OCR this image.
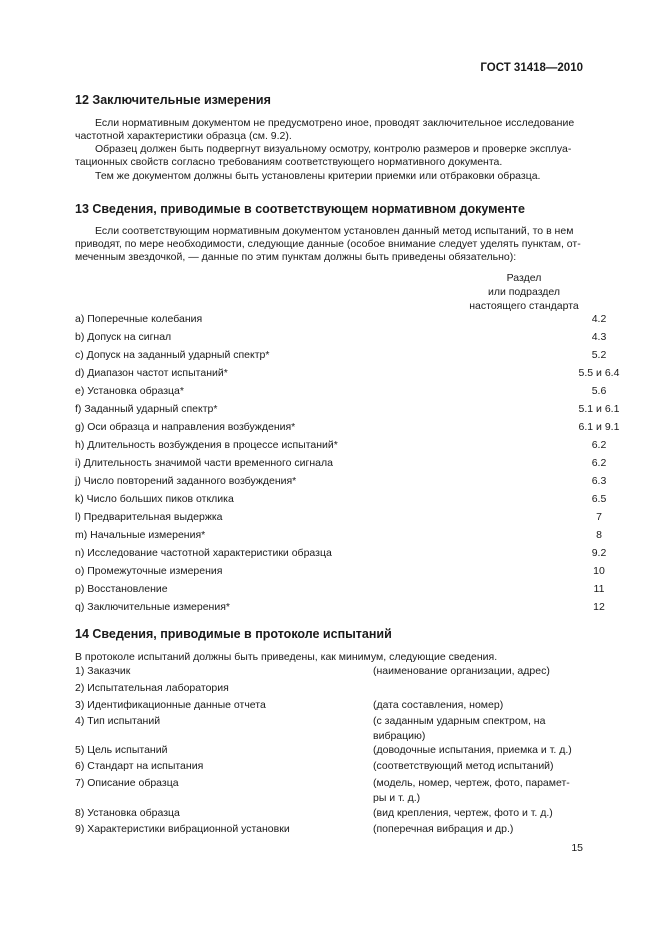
ГОСТ 31418—2010
12 Заключительные измерения
Если нормативным документом не предусмотрено иное, проводят заключительное исследование
частотной характеристики образца (см. 9.2).
Образец должен быть подвергнут визуальному осмотру, контролю размеров и проверке эксплуа-
тационных свойств согласно требованиям соответствующего нормативного документа.
Тем же документом должны быть установлены критерии приемки или отбраковки образца.
13 Сведения, приводимые в соответствующем нормативном документе
Если соответствующим нормативным документом установлен данный метод испытаний, то в нем
приводят, по мере необходимости, следующие данные (особое внимание следует уделять пунктам, от-
меченным звездочкой, — данные по этим пунктам должны быть приведены обязательно):
Раздел
или подраздел
настоящего стандарта
a) Поперечные колебания	4.2
b) Допуск на сигнал	4.3
c) Допуск на заданный ударный спектр*	5.2
d) Диапазон частот испытаний*	5.5 и 6.4
e) Установка образца*	5.6
f) Заданный ударный спектр*	5.1 и 6.1
g) Оси образца и направления возбуждения*	6.1 и 9.1
h) Длительность возбуждения в процессе испытаний*	6.2
i) Длительность значимой части временного сигнала	6.2
j) Число повторений заданного возбуждения*	6.3
k) Число больших пиков отклика	6.5
l) Предварительная выдержка	7
m) Начальные измерения*	8
n) Исследование частотной характеристики образца	9.2
o) Промежуточные измерения	10
p) Восстановление	11
q) Заключительные измерения*	12
14 Сведения, приводимые в протоколе испытаний
В протоколе испытаний должны быть приведены, как минимум, следующие сведения.
1) Заказчик	(наименование организации, адрес)
2) Испытательная лаборатория
3) Идентификационные данные отчета	(дата составления, номер)
4) Тип испытаний	(с заданным ударным спектром, на
вибрацию)
5) Цель испытаний	(доводочные испытания, приемка и т. д.)
6) Стандарт на испытания	(соответствующий метод испытаний)
7) Описание образца	(модель, номер, чертеж, фото, парамет-
ры и т. д.)
8) Установка образца	(вид крепления, чертеж, фото и т. д.)
9) Характеристики вибрационной установки	(поперечная вибрация и др.)
15
